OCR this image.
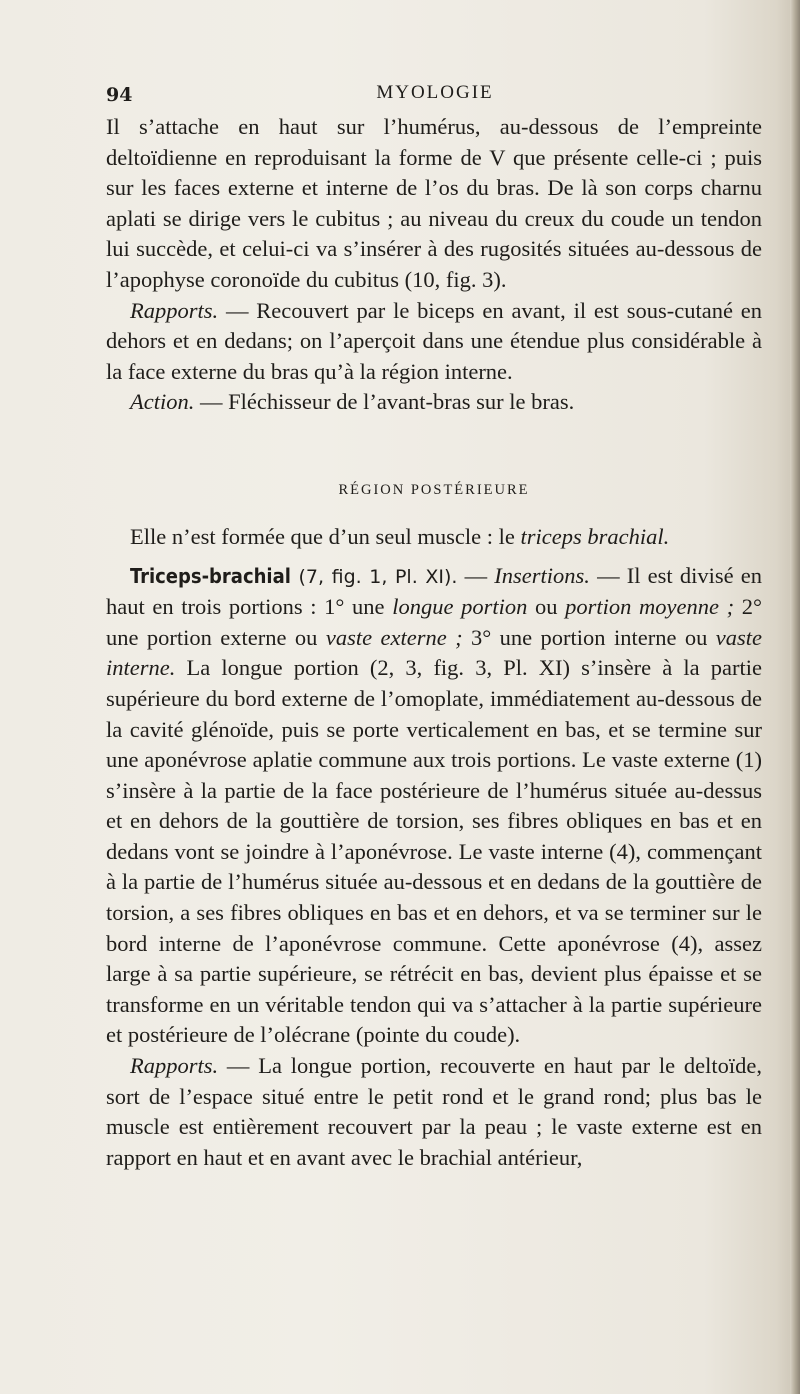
94	MYOLOGIE

Il s’attache en haut sur l’humérus, au-dessous de l’empreinte deltoïdienne en reproduisant la forme de V que présente celle-ci ; puis sur les faces externe et interne de l’os du bras. De là son corps charnu aplati se dirige vers le cubitus ; au niveau du creux du coude un tendon lui succède, et celui-ci va s’insérer à des rugosités situées au-dessous de l’apophyse coronoïde du cubitus (10, fig. 3).

Rapports. — Recouvert par le biceps en avant, il est sous-cutané en dehors et en dedans; on l’aperçoit dans une étendue plus considérable à la face externe du bras qu’à la région interne.

Action. — Fléchisseur de l’avant-bras sur le bras.

RÉGION POSTÉRIEURE

Elle n’est formée que d’un seul muscle : le triceps brachial.

Triceps-brachial (7, fig. 1, Pl. XI). — Insertions. — Il est divisé en haut en trois portions : 1° une longue portion ou portion moyenne ; 2° une portion externe ou vaste externe ; 3° une portion interne ou vaste interne. La longue portion (2, 3, fig. 3, Pl. XI) s’insère à la partie supérieure du bord externe de l’omoplate, immédiatement au-dessous de la cavité glénoïde, puis se porte verticalement en bas, et se termine sur une aponévrose aplatie commune aux trois portions. Le vaste externe (1) s’insère à la partie de la face postérieure de l’humérus située au-dessus et en dehors de la gouttière de torsion, ses fibres obliques en bas et en dedans vont se joindre à l’aponévrose. Le vaste interne (4), commençant à la partie de l’humérus située au-dessous et en dedans de la gouttière de torsion, a ses fibres obliques en bas et en dehors, et va se terminer sur le bord interne de l’aponévrose commune. Cette aponévrose (4), assez large à sa partie supérieure, se rétrécit en bas, devient plus épaisse et se transforme en un véritable tendon qui va s’attacher à la partie supérieure et postérieure de l’olécrane (pointe du coude).

Rapports. — La longue portion, recouverte en haut par le deltoïde, sort de l’espace situé entre le petit rond et le grand rond; plus bas le muscle est entièrement recouvert par la peau ; le vaste externe est en rapport en haut et en avant avec le brachial antérieur,
